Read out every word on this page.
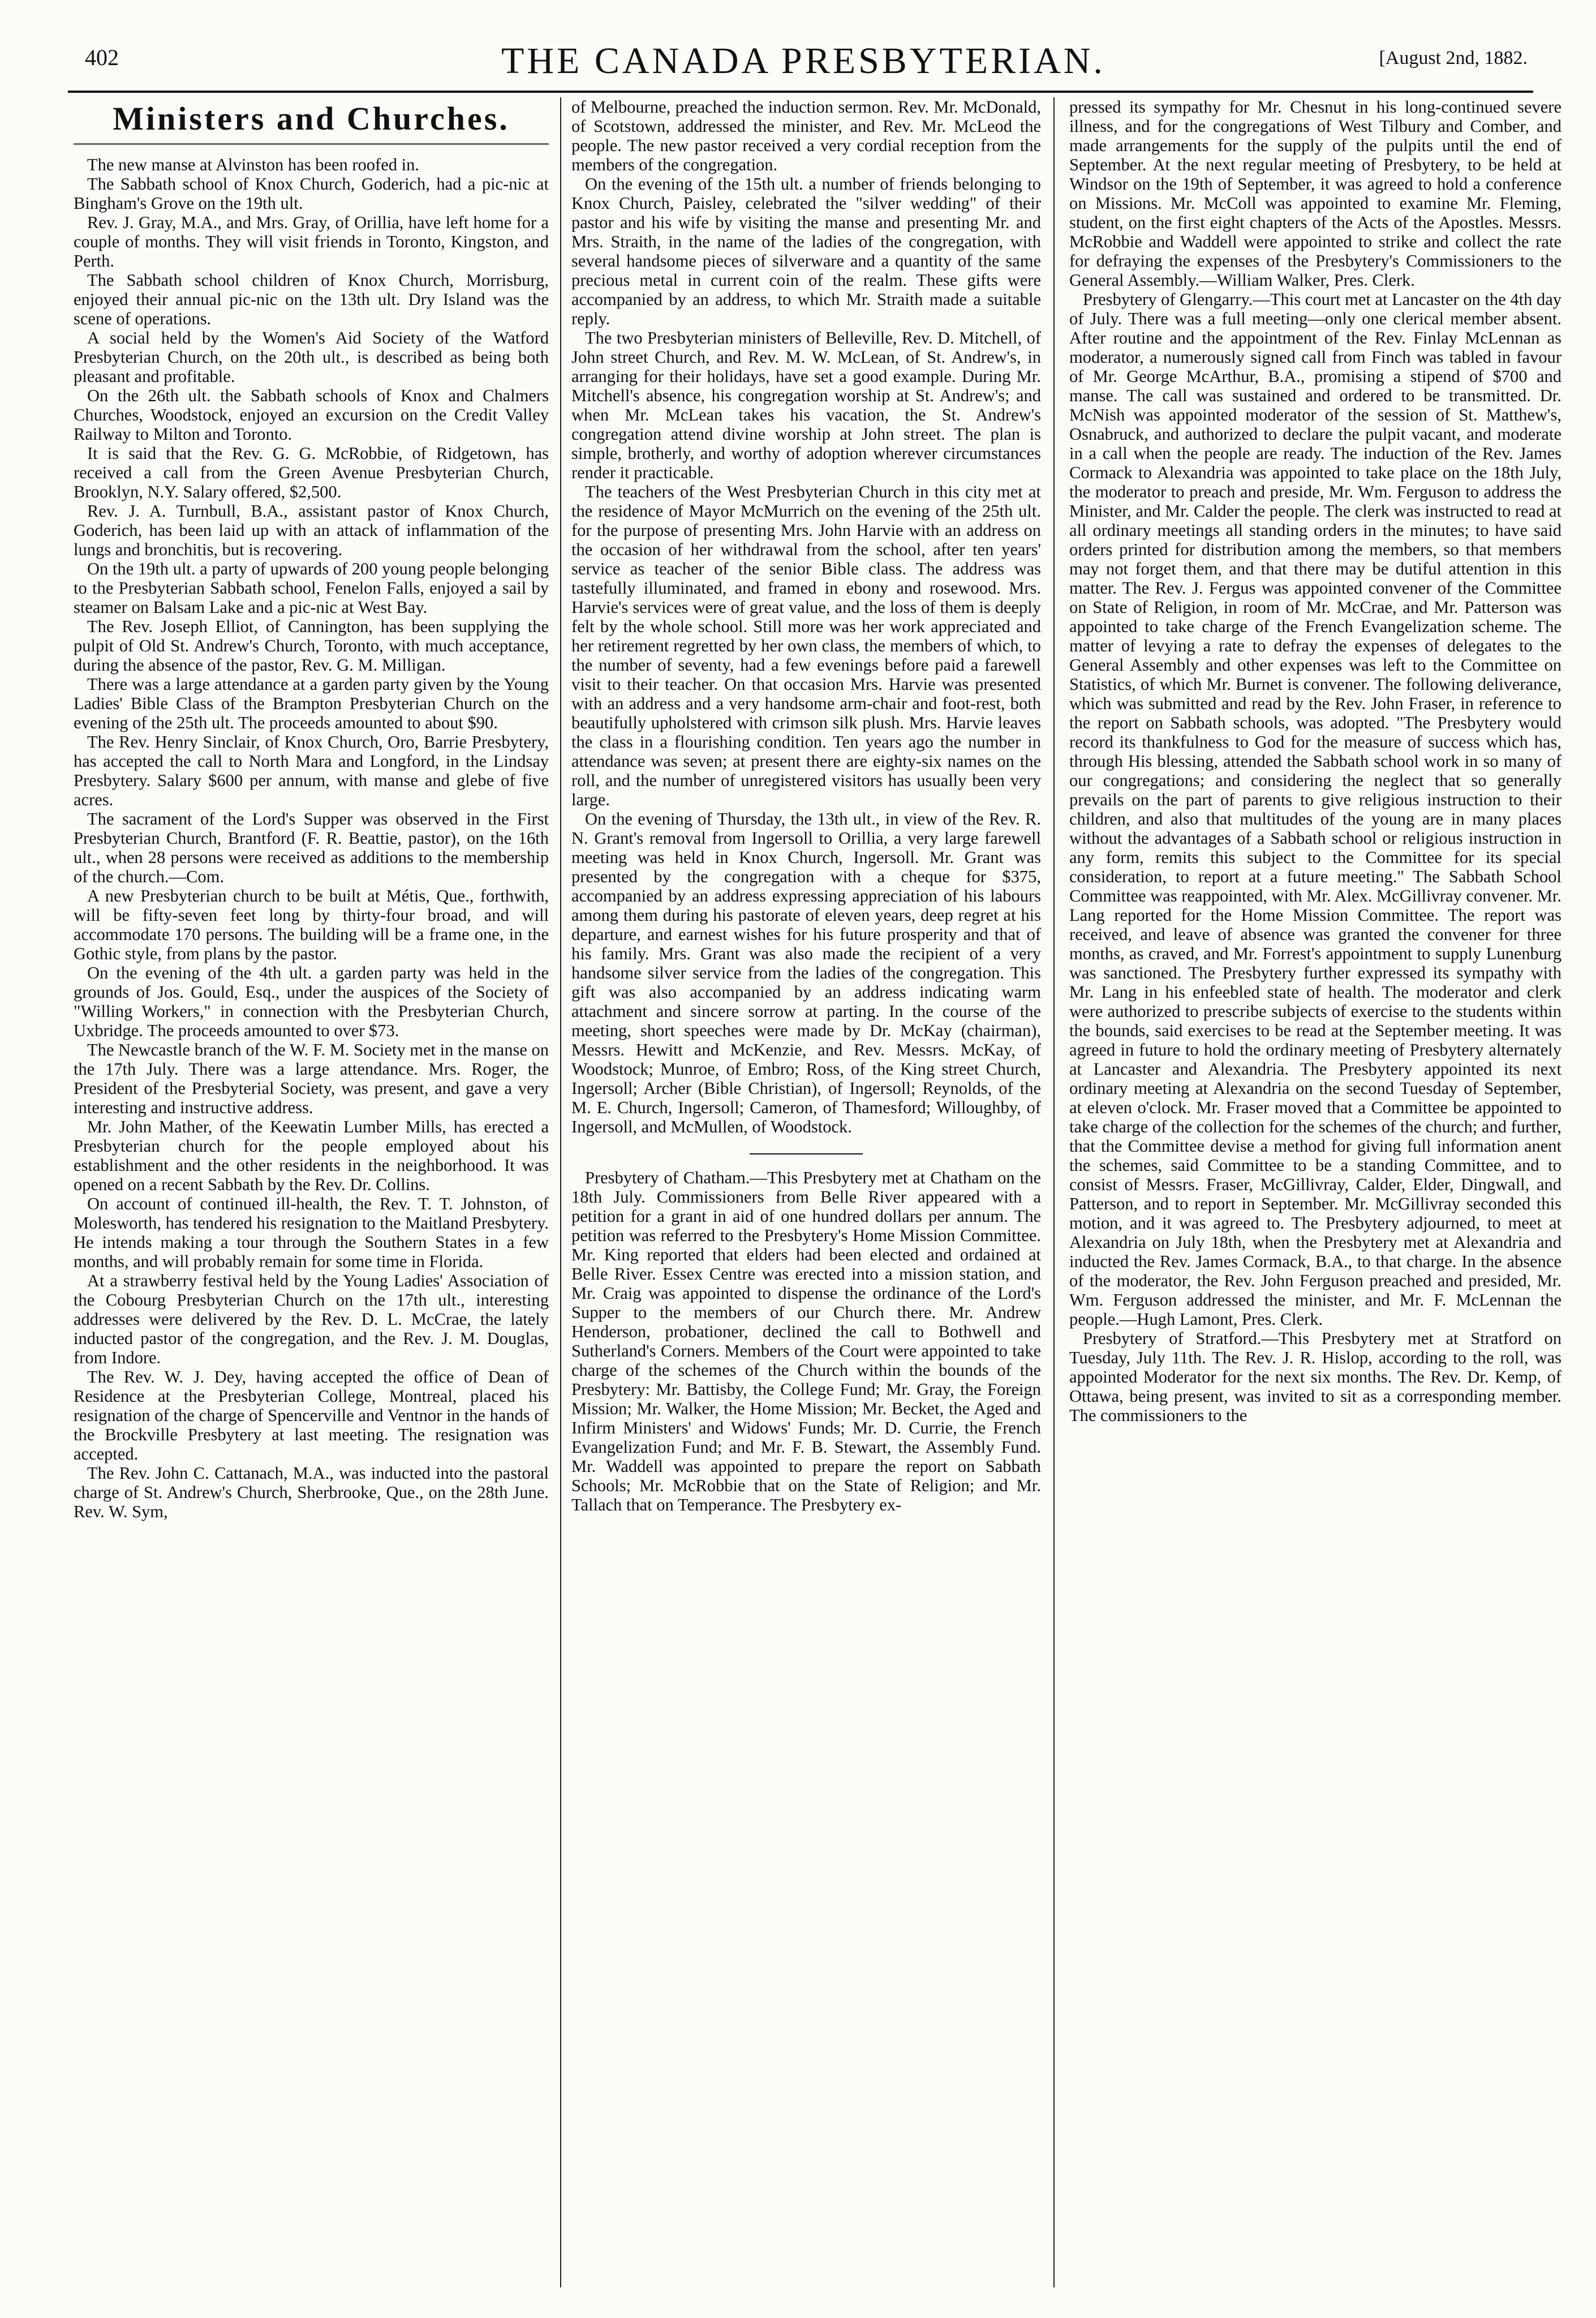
402	THE CANADA PRESBYTERIAN.	[August 2nd, 1882.
Ministers and Churches.

The new manse at Alvinston has been roofed in.

The Sabbath school of Knox Church, Goderich, had a pic-nic at Bingham's Grove on the 19th ult.

Rev. J. Gray, M.A., and Mrs. Gray, of Orillia, have left home for a couple of months. They will visit friends in Toronto, Kingston, and Perth.

The Sabbath school children of Knox Church, Morrisburg, enjoyed their annual pic-nic on the 13th ult. Dry Island was the scene of operations.

A social held by the Women's Aid Society of the Watford Presbyterian Church, on the 20th ult., is described as being both pleasant and profitable.

On the 26th ult. the Sabbath schools of Knox and Chalmers Churches, Woodstock, enjoyed an excursion on the Credit Valley Railway to Milton and Toronto.

It is said that the Rev. G. G. McRobbie, of Ridgetown, has received a call from the Green Avenue Presbyterian Church, Brooklyn, N.Y. Salary offered, $2,500.

Rev. J. A. Turnbull, B.A., assistant pastor of Knox Church, Goderich, has been laid up with an attack of inflammation of the lungs and bronchitis, but is recovering.

On the 19th ult. a party of upwards of 200 young people belonging to the Presbyterian Sabbath school, Fenelon Falls, enjoyed a sail by steamer on Balsam Lake and a pic-nic at West Bay.

The Rev. Joseph Elliot, of Cannington, has been supplying the pulpit of Old St. Andrew's Church, Toronto, with much acceptance, during the absence of the pastor, Rev. G. M. Milligan.

There was a large attendance at a garden party given by the Young Ladies' Bible Class of the Brampton Presbyterian Church on the evening of the 25th ult. The proceeds amounted to about $90.

The Rev. Henry Sinclair, of Knox Church, Oro, Barrie Presbytery, has accepted the call to North Mara and Longford, in the Lindsay Presbytery. Salary $600 per annum, with manse and glebe of five acres.

The sacrament of the Lord's Supper was observed in the First Presbyterian Church, Brantford (F. R. Beattie, pastor), on the 16th ult., when 28 persons were received as additions to the membership of the church.—Com.

A new Presbyterian church to be built at Métis, Que., forthwith, will be fifty-seven feet long by thirty-four broad, and will accommodate 170 persons. The building will be a frame one, in the Gothic style, from plans by the pastor.

On the evening of the 4th ult. a garden party was held in the grounds of Jos. Gould, Esq., under the auspices of the Society of "Willing Workers," in connection with the Presbyterian Church, Uxbridge. The proceeds amounted to over $73.

The Newcastle branch of the W. F. M. Society met in the manse on the 17th July. There was a large attendance. Mrs. Roger, the President of the Presbyterial Society, was present, and gave a very interesting and instructive address.

Mr. John Mather, of the Keewatin Lumber Mills, has erected a Presbyterian church for the people employed about his establishment and the other residents in the neighborhood. It was opened on a recent Sabbath by the Rev. Dr. Collins.

On account of continued ill-health, the Rev. T. T. Johnston, of Molesworth, has tendered his resignation to the Maitland Presbytery. He intends making a tour through the Southern States in a few months, and will probably remain for some time in Florida.

At a strawberry festival held by the Young Ladies' Association of the Cobourg Presbyterian Church on the 17th ult., interesting addresses were delivered by the Rev. D. L. McCrae, the lately inducted pastor of the congregation, and the Rev. J. M. Douglas, from Indore.

The Rev. W. J. Dey, having accepted the office of Dean of Residence at the Presbyterian College, Montreal, placed his resignation of the charge of Spencerville and Ventnor in the hands of the Brockville Presbytery at last meeting. The resignation was accepted.

The Rev. John C. Cattanach, M.A., was inducted into the pastoral charge of St. Andrew's Church, Sherbrooke, Que., on the 28th June. Rev. W. Sym,

of Melbourne, preached the induction sermon. Rev. Mr. McDonald, of Scotstown, addressed the minister, and Rev. Mr. McLeod the people. The new pastor received a very cordial reception from the members of the congregation.

On the evening of the 15th ult. a number of friends belonging to Knox Church, Paisley, celebrated the "silver wedding" of their pastor and his wife by visiting the manse and presenting Mr. and Mrs. Straith, in the name of the ladies of the congregation, with several handsome pieces of silverware and a quantity of the same precious metal in current coin of the realm. These gifts were accompanied by an address, to which Mr. Straith made a suitable reply.

The two Presbyterian ministers of Belleville, Rev. D. Mitchell, of John street Church, and Rev. M. W. McLean, of St. Andrew's, in arranging for their holidays, have set a good example. During Mr. Mitchell's absence, his congregation worship at St. Andrew's; and when Mr. McLean takes his vacation, the St. Andrew's congregation attend divine worship at John street. The plan is simple, brotherly, and worthy of adoption wherever circumstances render it practicable.

The teachers of the West Presbyterian Church in this city met at the residence of Mayor McMurrich on the evening of the 25th ult. for the purpose of presenting Mrs. John Harvie with an address on the occasion of her withdrawal from the school, after ten years' service as teacher of the senior Bible class. The address was tastefully illuminated, and framed in ebony and rosewood. Mrs. Harvie's services were of great value, and the loss of them is deeply felt by the whole school. Still more was her work appreciated and her retirement regretted by her own class, the members of which, to the number of seventy, had a few evenings before paid a farewell visit to their teacher. On that occasion Mrs. Harvie was presented with an address and a very handsome arm-chair and foot-rest, both beautifully upholstered with crimson silk plush. Mrs. Harvie leaves the class in a flourishing condition. Ten years ago the number in attendance was seven; at present there are eighty-six names on the roll, and the number of unregistered visitors has usually been very large.

On the evening of Thursday, the 13th ult., in view of the Rev. R. N. Grant's removal from Ingersoll to Orillia, a very large farewell meeting was held in Knox Church, Ingersoll. Mr. Grant was presented by the congregation with a cheque for $375, accompanied by an address expressing appreciation of his labours among them during his pastorate of eleven years, deep regret at his departure, and earnest wishes for his future prosperity and that of his family. Mrs. Grant was also made the recipient of a very handsome silver service from the ladies of the congregation. This gift was also accompanied by an address indicating warm attachment and sincere sorrow at parting. In the course of the meeting, short speeches were made by Dr. McKay (chairman), Messrs. Hewitt and McKenzie, and Rev. Messrs. McKay, of Woodstock; Munroe, of Embro; Ross, of the King street Church, Ingersoll; Archer (Bible Christian), of Ingersoll; Reynolds, of the M. E. Church, Ingersoll; Cameron, of Thamesford; Willoughby, of Ingersoll, and McMullen, of Woodstock.

Presbytery of Chatham.—This Presbytery met at Chatham on the 18th July. Commissioners from Belle River appeared with a petition for a grant in aid of one hundred dollars per annum. The petition was referred to the Presbytery's Home Mission Committee. Mr. King reported that elders had been elected and ordained at Belle River. Essex Centre was erected into a mission station, and Mr. Craig was appointed to dispense the ordinance of the Lord's Supper to the members of our Church there. Mr. Andrew Henderson, probationer, declined the call to Bothwell and Sutherland's Corners. Members of the Court were appointed to take charge of the schemes of the Church within the bounds of the Presbytery: Mr. Battisby, the College Fund; Mr. Gray, the Foreign Mission; Mr. Walker, the Home Mission; Mr. Becket, the Aged and Infirm Ministers' and Widows' Funds; Mr. D. Currie, the French Evangelization Fund; and Mr. F. B. Stewart, the Assembly Fund. Mr. Waddell was appointed to prepare the report on Sabbath Schools; Mr. McRobbie that on the State of Religion; and Mr. Tallach that on Temperance. The Presbytery ex-

pressed its sympathy for Mr. Chesnut in his long-continued severe illness, and for the congregations of West Tilbury and Comber, and made arrangements for the supply of the pulpits until the end of September. At the next regular meeting of Presbytery, to be held at Windsor on the 19th of September, it was agreed to hold a conference on Missions. Mr. McColl was appointed to examine Mr. Fleming, student, on the first eight chapters of the Acts of the Apostles. Messrs. McRobbie and Waddell were appointed to strike and collect the rate for defraying the expenses of the Presbytery's Commissioners to the General Assembly.—William Walker, Pres. Clerk.

Presbytery of Glengarry.—This court met at Lancaster on the 4th day of July. There was a full meeting—only one clerical member absent. After routine and the appointment of the Rev. Finlay McLennan as moderator, a numerously signed call from Finch was tabled in favour of Mr. George McArthur, B.A., promising a stipend of $700 and manse. The call was sustained and ordered to be transmitted. Dr. McNish was appointed moderator of the session of St. Matthew's, Osnabruck, and authorized to declare the pulpit vacant, and moderate in a call when the people are ready. The induction of the Rev. James Cormack to Alexandria was appointed to take place on the 18th July, the moderator to preach and preside, Mr. Wm. Ferguson to address the Minister, and Mr. Calder the people. The clerk was instructed to read at all ordinary meetings all standing orders in the minutes; to have said orders printed for distribution among the members, so that members may not forget them, and that there may be dutiful attention in this matter. The Rev. J. Fergus was appointed convener of the Committee on State of Religion, in room of Mr. McCrae, and Mr. Patterson was appointed to take charge of the French Evangelization scheme. The matter of levying a rate to defray the expenses of delegates to the General Assembly and other expenses was left to the Committee on Statistics, of which Mr. Burnet is convener. The following deliverance, which was submitted and read by the Rev. John Fraser, in reference to the report on Sabbath schools, was adopted. "The Presbytery would record its thankfulness to God for the measure of success which has, through His blessing, attended the Sabbath school work in so many of our congregations; and considering the neglect that so generally prevails on the part of parents to give religious instruction to their children, and also that multitudes of the young are in many places without the advantages of a Sabbath school or religious instruction in any form, remits this subject to the Committee for its special consideration, to report at a future meeting." The Sabbath School Committee was reappointed, with Mr. Alex. McGillivray convener. Mr. Lang reported for the Home Mission Committee. The report was received, and leave of absence was granted the convener for three months, as craved, and Mr. Forrest's appointment to supply Lunenburg was sanctioned. The Presbytery further expressed its sympathy with Mr. Lang in his enfeebled state of health. The moderator and clerk were authorized to prescribe subjects of exercise to the students within the bounds, said exercises to be read at the September meeting. It was agreed in future to hold the ordinary meeting of Presbytery alternately at Lancaster and Alexandria. The Presbytery appointed its next ordinary meeting at Alexandria on the second Tuesday of September, at eleven o'clock. Mr. Fraser moved that a Committee be appointed to take charge of the collection for the schemes of the church; and further, that the Committee devise a method for giving full information anent the schemes, said Committee to be a standing Committee, and to consist of Messrs. Fraser, McGillivray, Calder, Elder, Dingwall, and Patterson, and to report in September. Mr. McGillivray seconded this motion, and it was agreed to. The Presbytery adjourned, to meet at Alexandria on July 18th, when the Presbytery met at Alexandria and inducted the Rev. James Cormack, B.A., to that charge. In the absence of the moderator, the Rev. John Ferguson preached and presided, Mr. Wm. Ferguson addressed the minister, and Mr. F. McLennan the people.—Hugh Lamont, Pres. Clerk.

Presbytery of Stratford.—This Presbytery met at Stratford on Tuesday, July 11th. The Rev. J. R. Hislop, according to the roll, was appointed Moderator for the next six months. The Rev. Dr. Kemp, of Ottawa, being present, was invited to sit as a corresponding member. The commissioners to the
